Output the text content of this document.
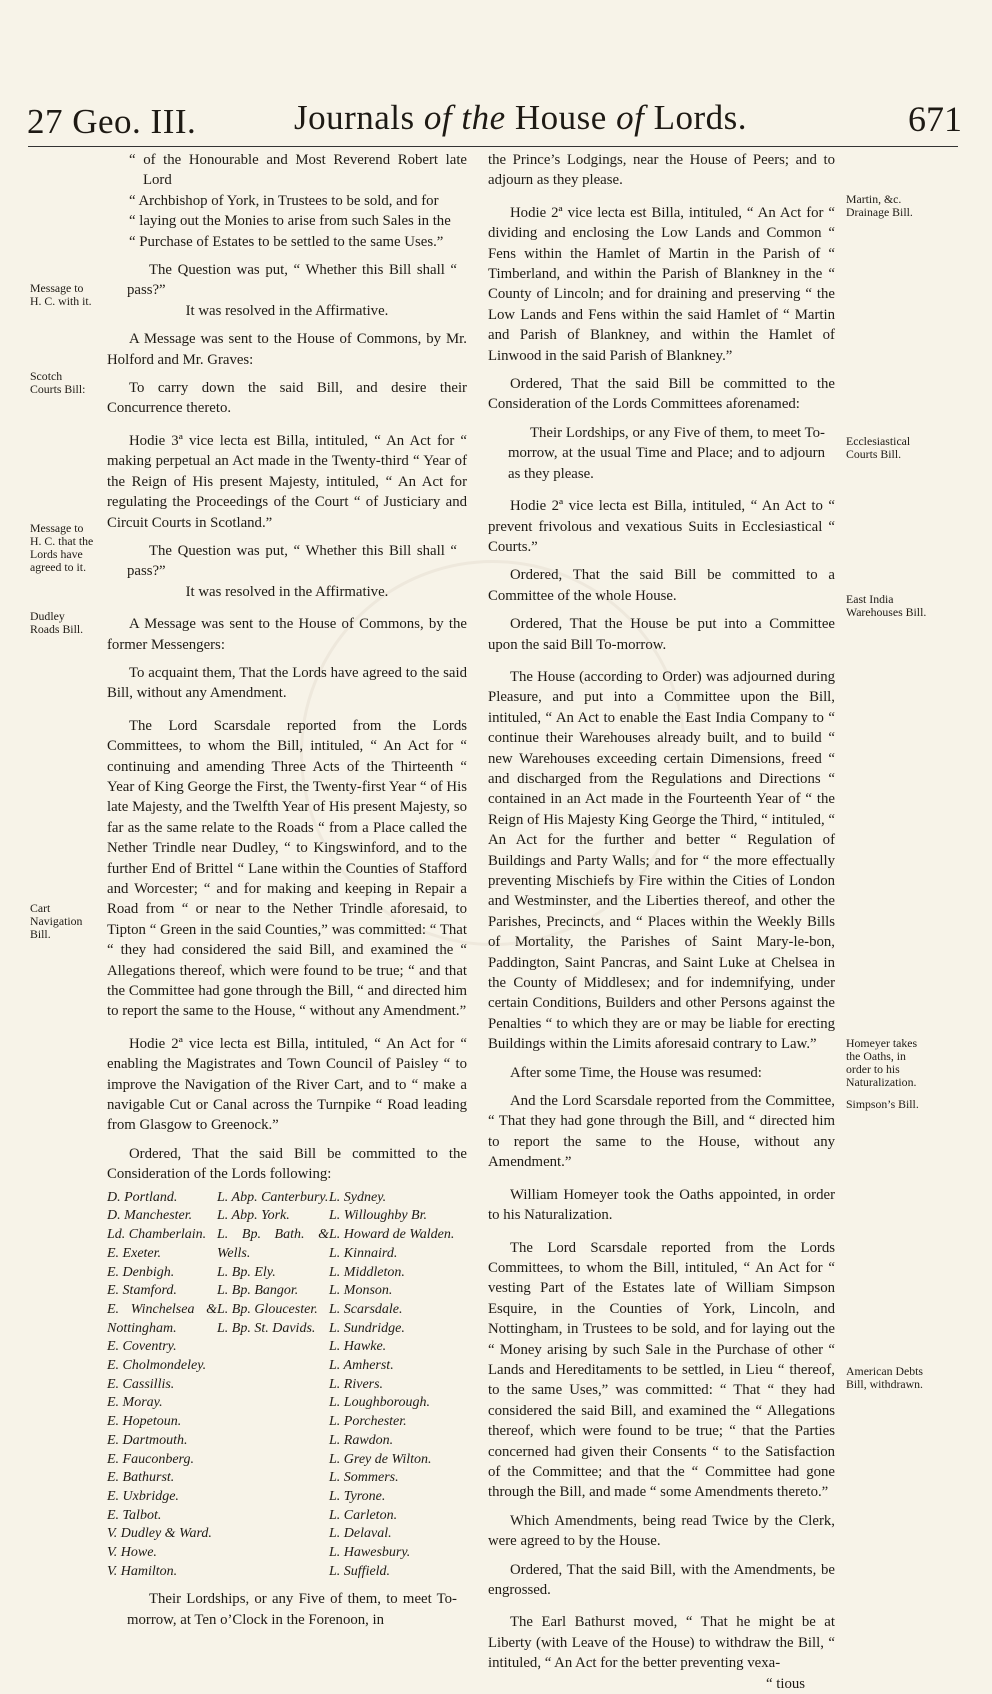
27 Geo. III.	Journals of the House of Lords.	671
Message to H. C. with it.
Scotch Courts Bill:
Message to H. C. that the Lords have agreed to it.
Dudley Roads Bill.
Cart Navigation Bill.
Martin, &c. Drainage Bill.
Ecclesiastical Courts Bill.
East India Warehouses Bill.
Homeyer takes the Oaths, in order to his Naturalization.
Simpson’s Bill.
American Debts Bill, withdrawn.

“ of the Honourable and Most Reverend Robert late Lord

“ Archbishop of York, in Trustees to be sold, and for

“ laying out the Monies to arise from such Sales in the

“ Purchase of Estates to be settled to the same Uses.”

The Question was put, “ Whether this Bill shall “ pass?”

It was resolved in the Affirmative.

A Message was sent to the House of Commons, by Mr. Holford and Mr. Graves:

To carry down the said Bill, and desire their Concurrence thereto.

Hodie 3ª vice lecta est Billa, intituled, “ An Act for “ making perpetual an Act made in the Twenty-third “ Year of the Reign of His present Majesty, intituled, “ An Act for regulating the Proceedings of the Court “ of Justiciary and Circuit Courts in Scotland.”

The Question was put, “ Whether this Bill shall “ pass?”

It was resolved in the Affirmative.

A Message was sent to the House of Commons, by the former Messengers:

To acquaint them, That the Lords have agreed to the said Bill, without any Amendment.

The Lord Scarsdale reported from the Lords Committees, to whom the Bill, intituled, “ An Act for “ continuing and amending Three Acts of the Thirteenth “ Year of King George the First, the Twenty-first Year “ of His late Majesty, and the Twelfth Year of His present Majesty, so far as the same relate to the Roads “ from a Place called the Nether Trindle near Dudley, “ to Kingswinford, and to the further End of Brittel “ Lane within the Counties of Stafford and Worcester; “ and for making and keeping in Repair a Road from “ or near to the Nether Trindle aforesaid, to Tipton “ Green in the said Counties,” was committed: “ That “ they had considered the said Bill, and examined the “ Allegations thereof, which were found to be true; “ and that the Committee had gone through the Bill, “ and directed him to report the same to the House, “ without any Amendment.”

Hodie 2ª vice lecta est Billa, intituled, “ An Act for “ enabling the Magistrates and Town Council of Paisley “ to improve the Navigation of the River Cart, and to “ make a navigable Cut or Canal across the Turnpike “ Road leading from Glasgow to Greenock.”

Ordered, That the said Bill be committed to the Consideration of the Lords following:

D. Portland.
D. Manchester.
Ld. Chamberlain.
E. Exeter.
E. Denbigh.
E. Stamford.
E. Winchelsea & Nottingham.
E. Coventry.
E. Cholmondeley.
E. Cassillis.
E. Moray.
E. Hopetoun.
E. Dartmouth.
E. Fauconberg.
E. Bathurst.
E. Uxbridge.
E. Talbot.
V. Dudley & Ward.
V. Howe.
V. Hamilton.
L. Abp. Canterbury.
L. Abp. York.
L. Bp. Bath. & Wells.
L. Bp. Ely.
L. Bp. Bangor.
L. Bp. Gloucester.
L. Bp. St. Davids.
L. Sydney.
L. Willoughby Br.
L. Howard de Walden.
L. Kinnaird.
L. Middleton.
L. Monson.
L. Scarsdale.
L. Sundridge.
L. Hawke.
L. Amherst.
L. Rivers.
L. Loughborough.
L. Porchester.
L. Rawdon.
L. Grey de Wilton.
L. Sommers.
L. Tyrone.
L. Carleton.
L. Delaval.
L. Hawesbury.
L. Suffield.

Their Lordships, or any Five of them, to meet To-morrow, at Ten o’Clock in the Forenoon, in

the Prince’s Lodgings, near the House of Peers; and to adjourn as they please.

Hodie 2ª vice lecta est Billa, intituled, “ An Act for “ dividing and enclosing the Low Lands and Common “ Fens within the Hamlet of Martin in the Parish of “ Timberland, and within the Parish of Blankney in the “ County of Lincoln; and for draining and preserving “ the Low Lands and Fens within the said Hamlet of “ Martin and Parish of Blankney, and within the Hamlet of Linwood in the said Parish of Blankney.”

Ordered, That the said Bill be committed to the Consideration of the Lords Committees aforenamed:

Their Lordships, or any Five of them, to meet To-morrow, at the usual Time and Place; and to adjourn as they please.

Hodie 2ª vice lecta est Billa, intituled, “ An Act to “ prevent frivolous and vexatious Suits in Ecclesiastical “ Courts.”

Ordered, That the said Bill be committed to a Committee of the whole House.

Ordered, That the House be put into a Committee upon the said Bill To-morrow.

The House (according to Order) was adjourned during Pleasure, and put into a Committee upon the Bill, intituled, “ An Act to enable the East India Company to “ continue their Warehouses already built, and to build “ new Warehouses exceeding certain Dimensions, freed “ and discharged from the Regulations and Directions “ contained in an Act made in the Fourteenth Year of “ the Reign of His Majesty King George the Third, “ intituled, “ An Act for the further and better “ Regulation of Buildings and Party Walls; and for “ the more effectually preventing Mischiefs by Fire within the Cities of London and Westminster, and the Liberties thereof, and other the Parishes, Precincts, and “ Places within the Weekly Bills of Mortality, the Parishes of Saint Mary-le-bon, Paddington, Saint Pancras, and Saint Luke at Chelsea in the County of Middlesex; and for indemnifying, under certain Conditions, Builders and other Persons against the Penalties “ to which they are or may be liable for erecting Buildings within the Limits aforesaid contrary to Law.”

After some Time, the House was resumed:

And the Lord Scarsdale reported from the Committee, “ That they had gone through the Bill, and “ directed him to report the same to the House, without any Amendment.”

William Homeyer took the Oaths appointed, in order to his Naturalization.

The Lord Scarsdale reported from the Lords Committees, to whom the Bill, intituled, “ An Act for “ vesting Part of the Estates late of William Simpson Esquire, in the Counties of York, Lincoln, and Nottingham, in Trustees to be sold, and for laying out the “ Money arising by such Sale in the Purchase of other “ Lands and Hereditaments to be settled, in Lieu “ thereof, to the same Uses,” was committed: “ That “ they had considered the said Bill, and examined the “ Allegations thereof, which were found to be true; “ that the Parties concerned had given their Consents “ to the Satisfaction of the Committee; and that the “ Committee had gone through the Bill, and made “ some Amendments thereto.”

Which Amendments, being read Twice by the Clerk, were agreed to by the House.

Ordered, That the said Bill, with the Amendments, be engrossed.

The Earl Bathurst moved, “ That he might be at Liberty (with Leave of the House) to withdraw the Bill, “ intituled, “ An Act for the better preventing vexa-

“ tious
